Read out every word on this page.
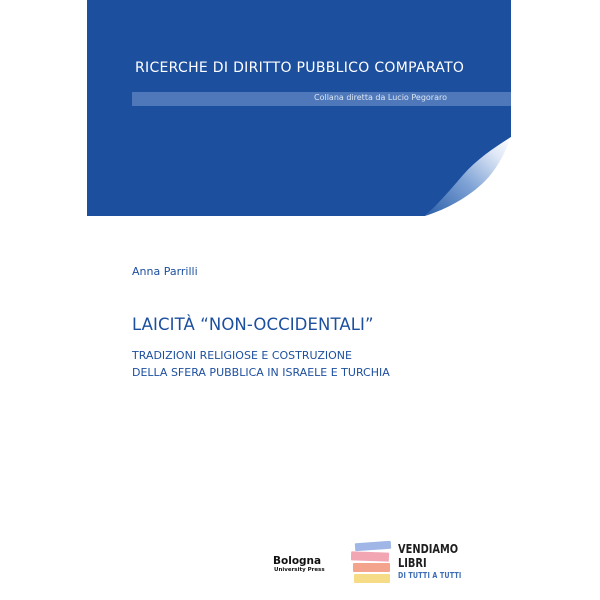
RICERCHE DI DIRITTO PUBBLICO COMPARATO
Collana diretta da Lucio Pegoraro
Anna Parrilli
LAICITÀ “NON-OCCIDENTALI”
TRADIZIONI RELIGIOSE E COSTRUZIONE
DELLA SFERA PUBBLICA IN ISRAELE E TURCHIA
Bologna
University Press
VENDIAMO
LIBRI
DI TUTTI A TUTTI
